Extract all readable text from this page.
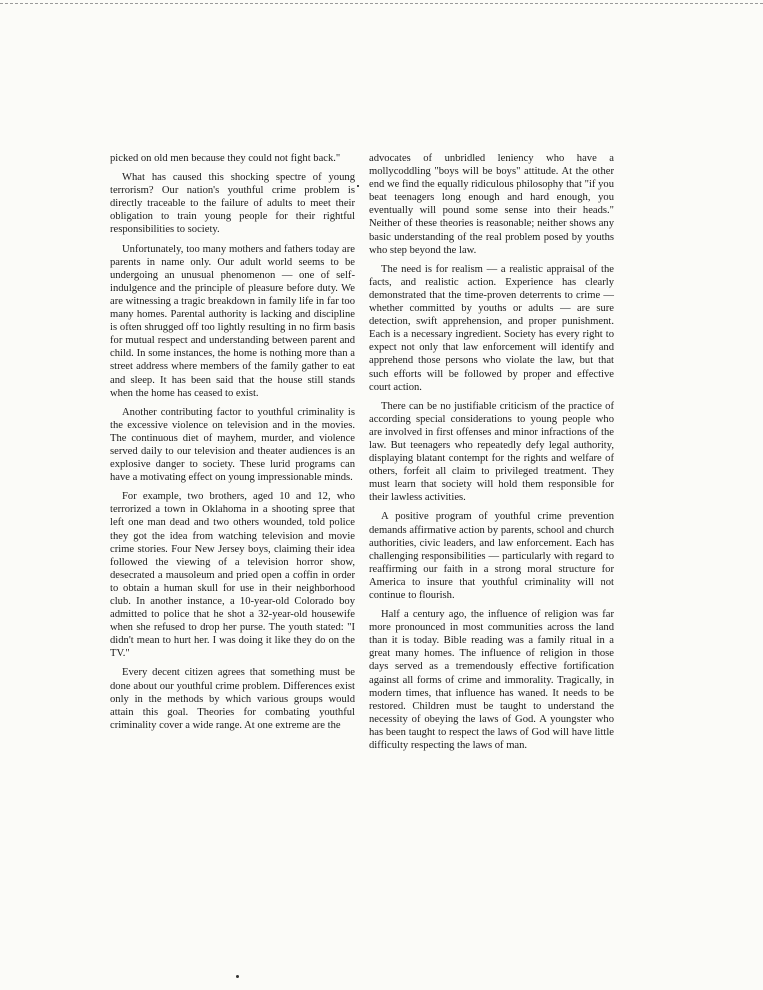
picked on old men because they could not fight back."

What has caused this shocking spectre of young terrorism? Our nation's youthful crime problem is directly traceable to the failure of adults to meet their obligation to train young people for their rightful responsibilities to society.

Unfortunately, too many mothers and fathers today are parents in name only. Our adult world seems to be undergoing an unusual phenomenon — one of self-indulgence and the principle of pleasure before duty. We are witnessing a tragic breakdown in family life in far too many homes. Parental authority is lacking and discipline is often shrugged off too lightly resulting in no firm basis for mutual respect and understanding between parent and child. In some instances, the home is nothing more than a street address where members of the family gather to eat and sleep. It has been said that the house still stands when the home has ceased to exist.

Another contributing factor to youthful criminality is the excessive violence on television and in the movies. The continuous diet of mayhem, murder, and violence served daily to our television and theater audiences is an explosive danger to society. These lurid programs can have a motivating effect on young impressionable minds.

For example, two brothers, aged 10 and 12, who terrorized a town in Oklahoma in a shooting spree that left one man dead and two others wounded, told police they got the idea from watching television and movie crime stories. Four New Jersey boys, claiming their idea followed the viewing of a television horror show, desecrated a mausoleum and pried open a coffin in order to obtain a human skull for use in their neighborhood club. In another instance, a 10-year-old Colorado boy admitted to police that he shot a 32-year-old housewife when she refused to drop her purse. The youth stated: "I didn't mean to hurt her. I was doing it like they do on the TV."

Every decent citizen agrees that something must be done about our youthful crime problem. Differences exist only in the methods by which various groups would attain this goal. Theories for combating youthful criminality cover a wide range. At one extreme are the

advocates of unbridled leniency who have a mollycoddling "boys will be boys" attitude. At the other end we find the equally ridiculous philosophy that "if you beat teenagers long enough and hard enough, you eventually will pound some sense into their heads." Neither of these theories is reasonable; neither shows any basic understanding of the real problem posed by youths who step beyond the law.

The need is for realism — a realistic appraisal of the facts, and realistic action. Experience has clearly demonstrated that the time-proven deterrents to crime — whether committed by youths or adults — are sure detection, swift apprehension, and proper punishment. Each is a necessary ingredient. Society has every right to expect not only that law enforcement will identify and apprehend those persons who violate the law, but that such efforts will be followed by proper and effective court action.

There can be no justifiable criticism of the practice of according special considerations to young people who are involved in first offenses and minor infractions of the law. But teenagers who repeatedly defy legal authority, displaying blatant contempt for the rights and welfare of others, forfeit all claim to privileged treatment. They must learn that society will hold them responsible for their lawless activities.

A positive program of youthful crime prevention demands affirmative action by parents, school and church authorities, civic leaders, and law enforcement. Each has challenging responsibilities — particularly with regard to reaffirming our faith in a strong moral structure for America to insure that youthful criminality will not continue to flourish.

Half a century ago, the influence of religion was far more pronounced in most communities across the land than it is today. Bible reading was a family ritual in a great many homes. The influence of religion in those days served as a tremendously effective fortification against all forms of crime and immorality. Tragically, in modern times, that influence has waned. It needs to be restored. Children must be taught to understand the necessity of obeying the laws of God. A youngster who has been taught to respect the laws of God will have little difficulty respecting the laws of man.
